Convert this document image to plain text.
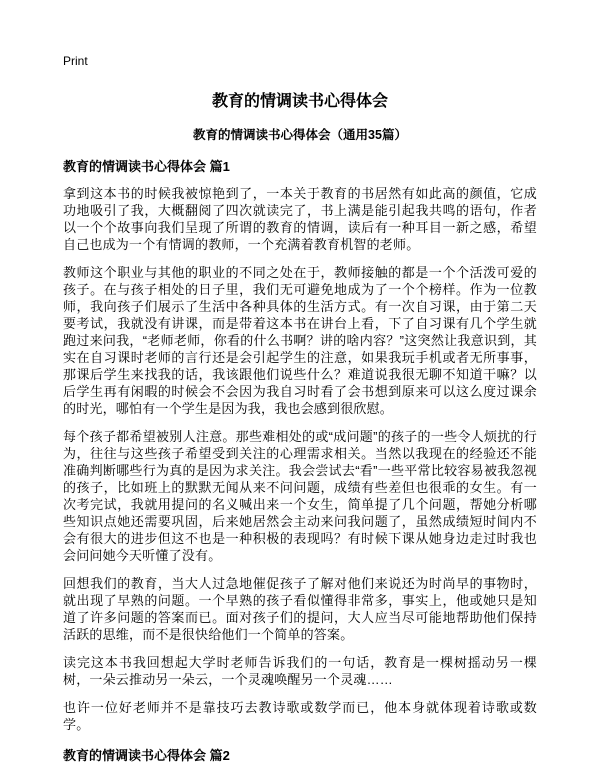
Print
教育的情调读书心得体会
教育的情调读书心得体会（通用35篇）
教育的情调读书心得体会 篇1

拿到这本书的时候我被惊艳到了，一本关于教育的书居然有如此高的颜值，它成功地吸引了我，大概翻阅了四次就读完了，书上满是能引起我共鸣的语句，作者以一个个故事向我们呈现了所谓的教育的情调，读后有一种耳目一新之感，希望自己也成为一个有情调的教师，一个充满着教育机智的老师。

教师这个职业与其他的职业的不同之处在于，教师接触的都是一个个活泼可爱的孩子。在与孩子相处的日子里，我们无可避免地成为了一个个榜样。作为一位教师，我向孩子们展示了生活中各种具体的生活方式。有一次自习课，由于第二天要考试，我就没有讲课，而是带着这本书在讲台上看，下了自习课有几个学生就跑过来问我，“老师老师，你看的什么书啊？讲的啥内容？”这突然让我意识到，其实在自习课时老师的言行还是会引起学生的注意，如果我玩手机或者无所事事，那课后学生来找我的话，我该跟他们说些什么？难道说我很无聊不知道干嘛？以后学生再有闲暇的时候会不会因为我自习时看了会书想到原来可以这么度过课余的时光，哪怕有一个学生是因为我，我也会感到很欣慰。

每个孩子都希望被别人注意。那些难相处的或“成问题”的孩子的一些令人烦扰的行为，往往与这些孩子希望受到关注的心理需求相关。当然以我现在的经验还不能准确判断哪些行为真的是因为求关注。我会尝试去“看”一些平常比较容易被我忽视的孩子，比如班上的默默无闻从来不问问题，成绩有些差但也很乖的女生。有一次考完试，我就用提问的名义喊出来一个女生，简单提了几个问题，帮她分析哪些知识点她还需要巩固，后来她居然会主动来问我问题了，虽然成绩短时间内不会有很大的进步但这不也是一种积极的表现吗？有时候下课从她身边走过时我也会问问她今天听懂了没有。

回想我们的教育，当大人过急地催促孩子了解对他们来说还为时尚早的事物时，就出现了早熟的问题。一个早熟的孩子看似懂得非常多，事实上，他或她只是知道了许多问题的答案而已。面对孩子们的提问，大人应当尽可能地帮助他们保持活跃的思维，而不是很快给他们一个简单的答案。

读完这本书我回想起大学时老师告诉我们的一句话，教育是一棵树摇动另一棵树，一朵云推动另一朵云，一个灵魂唤醒另一个灵魂……

也许一位好老师并不是靠技巧去教诗歌或数学而已，他本身就体现着诗歌或数学。

教育的情调读书心得体会 篇2
